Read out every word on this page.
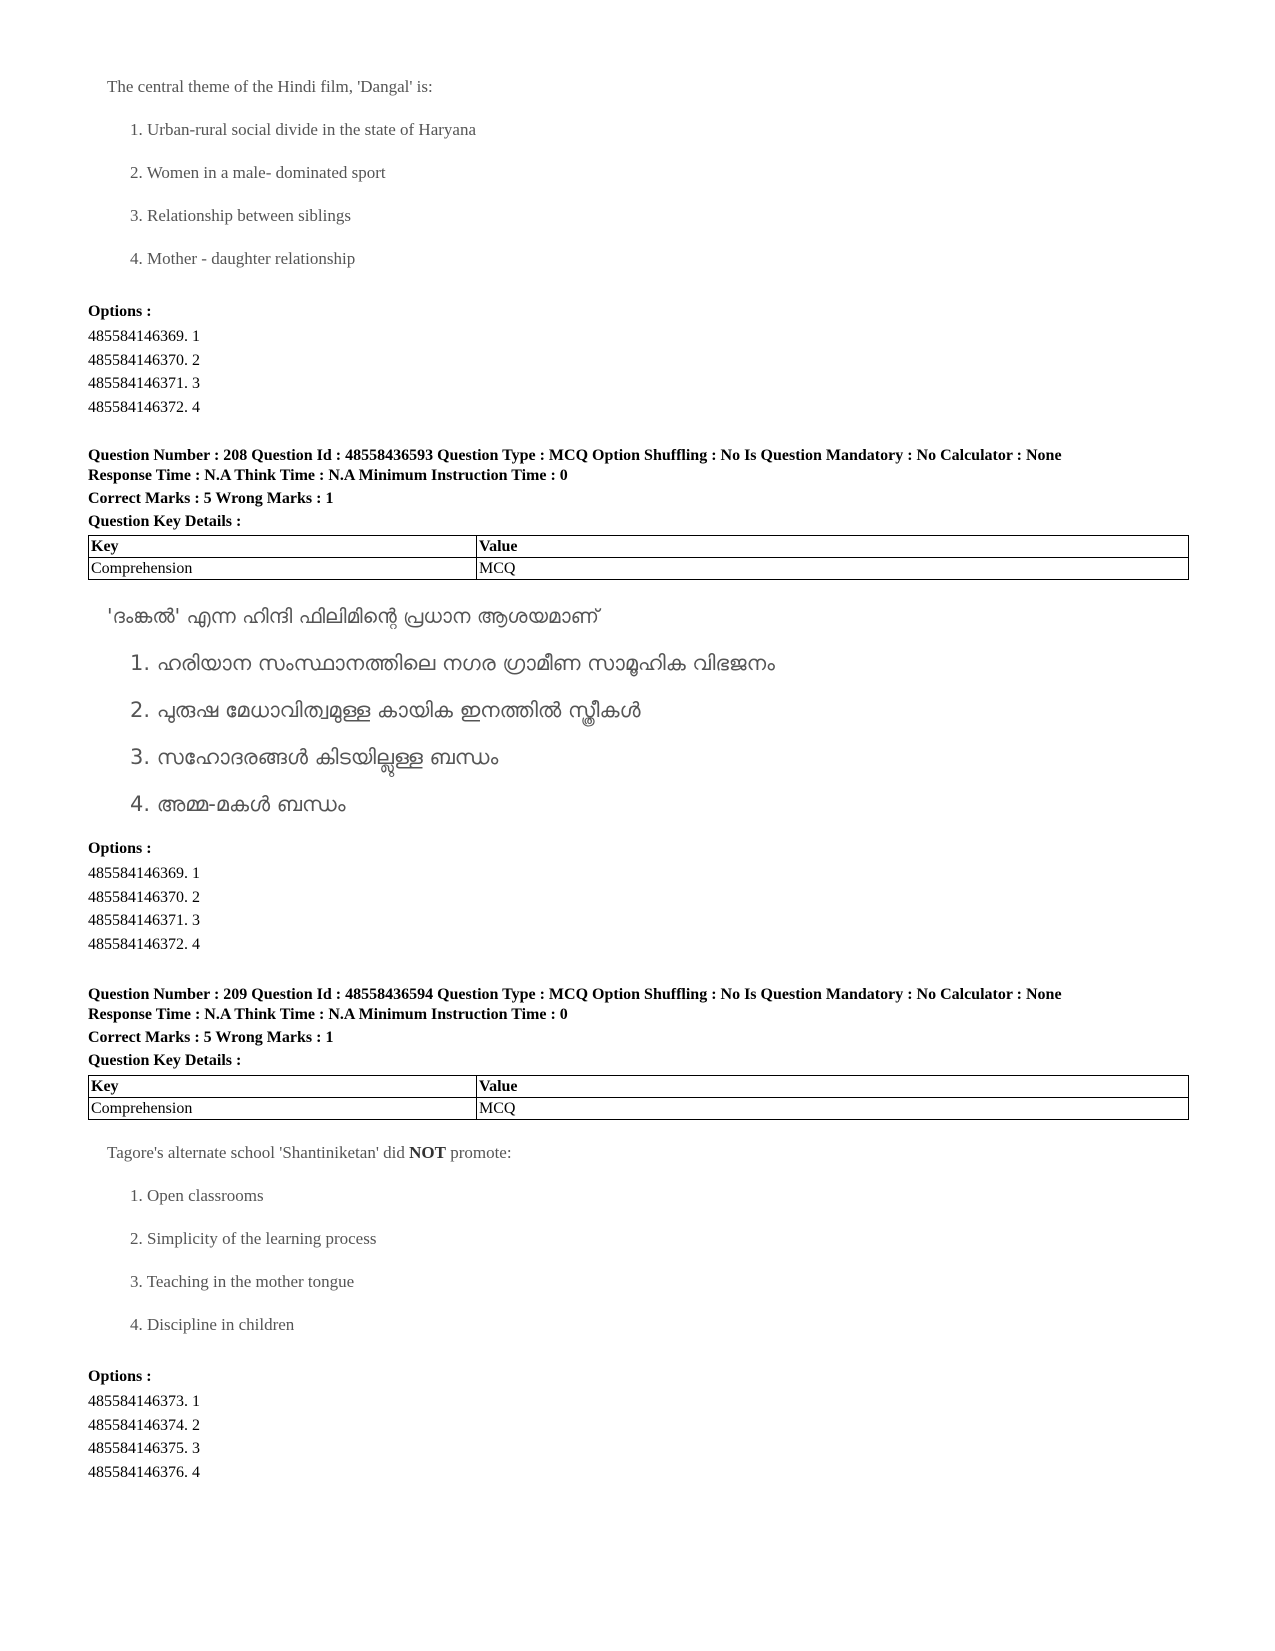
The central theme of the Hindi film, 'Dangal' is:
1. Urban-rural social divide in the state of Haryana
2. Women in a male- dominated sport
3. Relationship between siblings
4. Mother - daughter relationship
Options :
485584146369. 1
485584146370. 2
485584146371. 3
485584146372. 4
Question Number : 208 Question Id : 48558436593 Question Type : MCQ Option Shuffling : No Is Question Mandatory : No Calculator : None
Response Time : N.A Think Time : N.A Minimum Instruction Time : 0
Correct Marks : 5 Wrong Marks : 1
Question Key Details :
Key	Value
Comprehension	MCQ
'ദംങ്കൽ' എന്ന ഹിന്ദി ഫിലിമിന്റെ പ്രധാന ആശയമാണ്
1. ഹരിയാന സംസ്ഥാനത്തിലെ നഗര ഗ്രാമീണ സാമൂഹിക വിഭജനം
2. പുരുഷ മേധാവിത്വമുള്ള കായിക ഇനത്തിൽ സ്ത്രീകൾ
3. സഹോദരങ്ങൾ കിടയില്ലുള്ള ബന്ധം
4. അമ്മ-മകൾ ബന്ധം
Options :
485584146369. 1
485584146370. 2
485584146371. 3
485584146372. 4
Question Number : 209 Question Id : 48558436594 Question Type : MCQ Option Shuffling : No Is Question Mandatory : No Calculator : None
Response Time : N.A Think Time : N.A Minimum Instruction Time : 0
Correct Marks : 5 Wrong Marks : 1
Question Key Details :
Key	Value
Comprehension	MCQ
Tagore's alternate school 'Shantiniketan' did NOT promote:
1. Open classrooms
2. Simplicity of the learning process
3. Teaching in the mother tongue
4. Discipline in children
Options :
485584146373. 1
485584146374. 2
485584146375. 3
485584146376. 4
